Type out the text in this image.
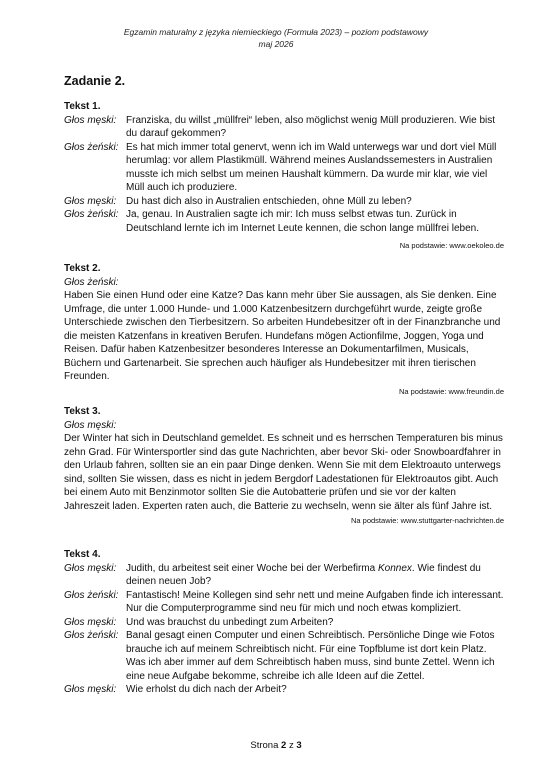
Egzamin maturalny z języka niemieckiego (Formuła 2023) – poziom podstawowy
maj 2026
Zadanie 2.
Tekst 1.
Głos męski: Franziska, du willst „müllfrei“ leben, also möglichst wenig Müll produzieren. Wie bist du darauf gekommen?
Głos żeński: Es hat mich immer total genervt, wenn ich im Wald unterwegs war und dort viel Müll herumlag: vor allem Plastikmüll. Während meines Auslandssemesters in Australien musste ich mich selbst um meinen Haushalt kümmern. Da wurde mir klar, wie viel Müll auch ich produziere.
Głos męski: Du hast dich also in Australien entschieden, ohne Müll zu leben?
Głos żeński: Ja, genau. In Australien sagte ich mir: Ich muss selbst etwas tun. Zurück in Deutschland lernte ich im Internet Leute kennen, die schon lange müllfrei leben.
Na podstawie: www.oekoleo.de
Tekst 2.
Głos żeński:
Haben Sie einen Hund oder eine Katze? Das kann mehr über Sie aussagen, als Sie denken. Eine Umfrage, die unter 1.000 Hunde- und 1.000 Katzenbesitzern durchgeführt wurde, zeigte große Unterschiede zwischen den Tierbesitzern. So arbeiten Hundebesitzer oft in der Finanzbranche und die meisten Katzenfans in kreativen Berufen. Hundefans mögen Actionfilme, Joggen, Yoga und Reisen. Dafür haben Katzenbesitzer besonderes Interesse an Dokumentarfilmen, Musicals, Büchern und Gartenarbeit. Sie sprechen auch häufiger als Hundebesitzer mit ihren tierischen Freunden.
Na podstawie: www.freundin.de
Tekst 3.
Głos męski:
Der Winter hat sich in Deutschland gemeldet. Es schneit und es herrschen Temperaturen bis minus zehn Grad. Für Wintersportler sind das gute Nachrichten, aber bevor Ski- oder Snowboardfahrer in den Urlaub fahren, sollten sie an ein paar Dinge denken. Wenn Sie mit dem Elektroauto unterwegs sind, sollten Sie wissen, dass es nicht in jedem Bergdorf Ladestationen für Elektroautos gibt. Auch bei einem Auto mit Benzinmotor sollten Sie die Autobatterie prüfen und sie vor der kalten Jahreszeit laden. Experten raten auch, die Batterie zu wechseln, wenn sie älter als fünf Jahre ist.
Na podstawie: www.stuttgarter-nachrichten.de
Tekst 4.
Głos męski: Judith, du arbeitest seit einer Woche bei der Werbefirma Konnex. Wie findest du deinen neuen Job?
Głos żeński: Fantastisch! Meine Kollegen sind sehr nett und meine Aufgaben finde ich interessant. Nur die Computerprogramme sind neu für mich und noch etwas kompliziert.
Głos męski: Und was brauchst du unbedingt zum Arbeiten?
Głos żeński: Banal gesagt einen Computer und einen Schreibtisch. Persönliche Dinge wie Fotos brauche ich auf meinem Schreibtisch nicht. Für eine Topfblume ist dort kein Platz. Was ich aber immer auf dem Schreibtisch haben muss, sind bunte Zettel. Wenn ich eine neue Aufgabe bekomme, schreibe ich alle Ideen auf die Zettel.
Głos męski: Wie erholst du dich nach der Arbeit?
Strona 2 z 3
